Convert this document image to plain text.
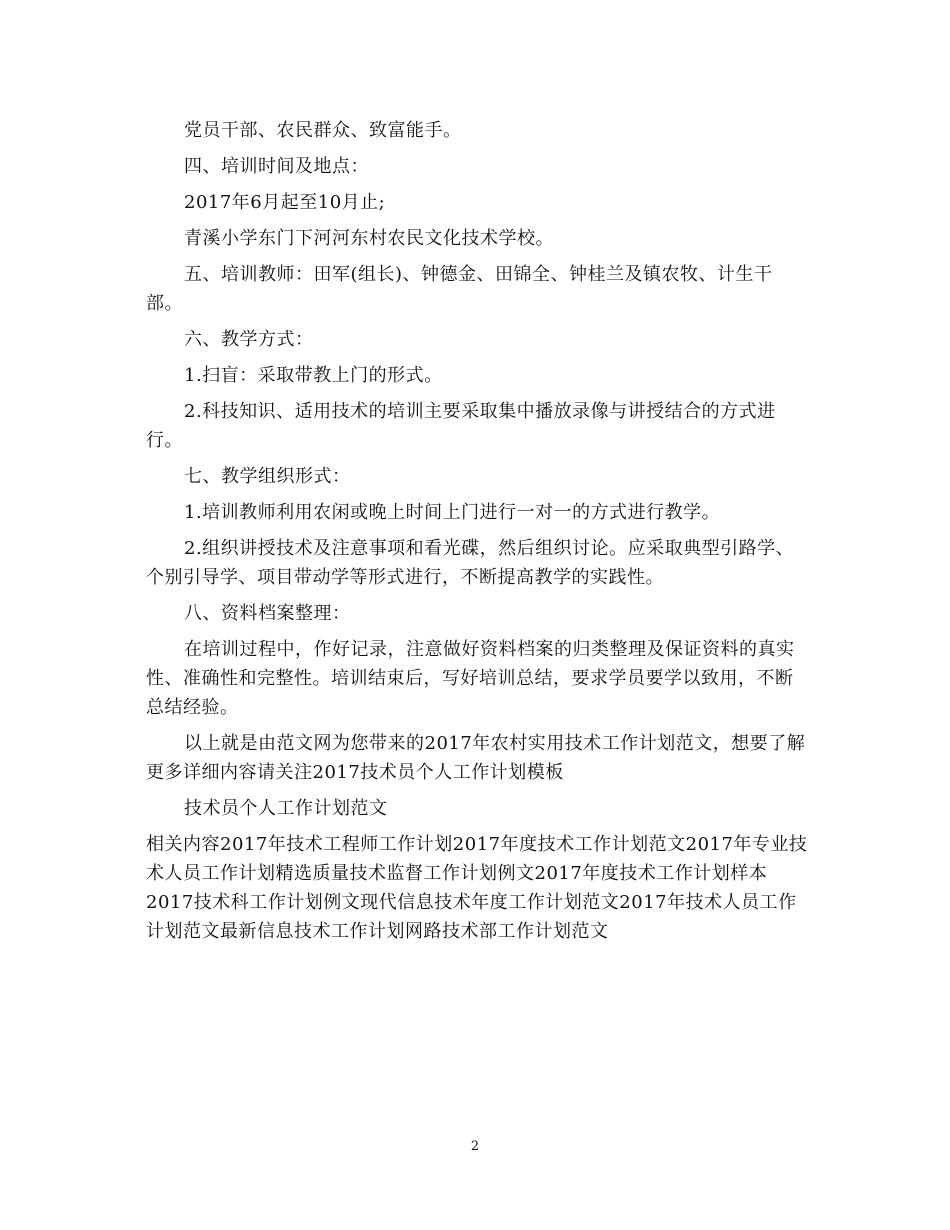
党员干部、农民群众、致富能手。

四、培训时间及地点：

2017年6月起至10月止;

青溪小学东门下河河东村农民文化技术学校。

五、培训教师：田军(组长)、钟德金、田锦全、钟桂兰及镇农牧、计生干

部。

六、教学方式：

1.扫盲：采取带教上门的形式。

2.科技知识、适用技术的培训主要采取集中播放录像与讲授结合的方式进

行。

七、教学组织形式：

1.培训教师利用农闲或晚上时间上门进行一对一的方式进行教学。

2.组织讲授技术及注意事项和看光碟，然后组织讨论。应采取典型引路学、

个别引导学、项目带动学等形式进行，不断提高教学的实践性。

八、资料档案整理：

在培训过程中，作好记录，注意做好资料档案的归类整理及保证资料的真实

性、准确性和完整性。培训结束后，写好培训总结，要求学员要学以致用，不断

总结经验。

以上就是由范文网为您带来的2017年农村实用技术工作计划范文，想要了解

更多详细内容请关注2017技术员个人工作计划模板

技术员个人工作计划范文

相关内容2017年技术工程师工作计划2017年度技术工作计划范文2017年专业技

术人员工作计划精选质量技术监督工作计划例文2017年度技术工作计划样本

2017技术科工作计划例文现代信息技术年度工作计划范文2017年技术人员工作

计划范文最新信息技术工作计划网路技术部工作计划范文

2
